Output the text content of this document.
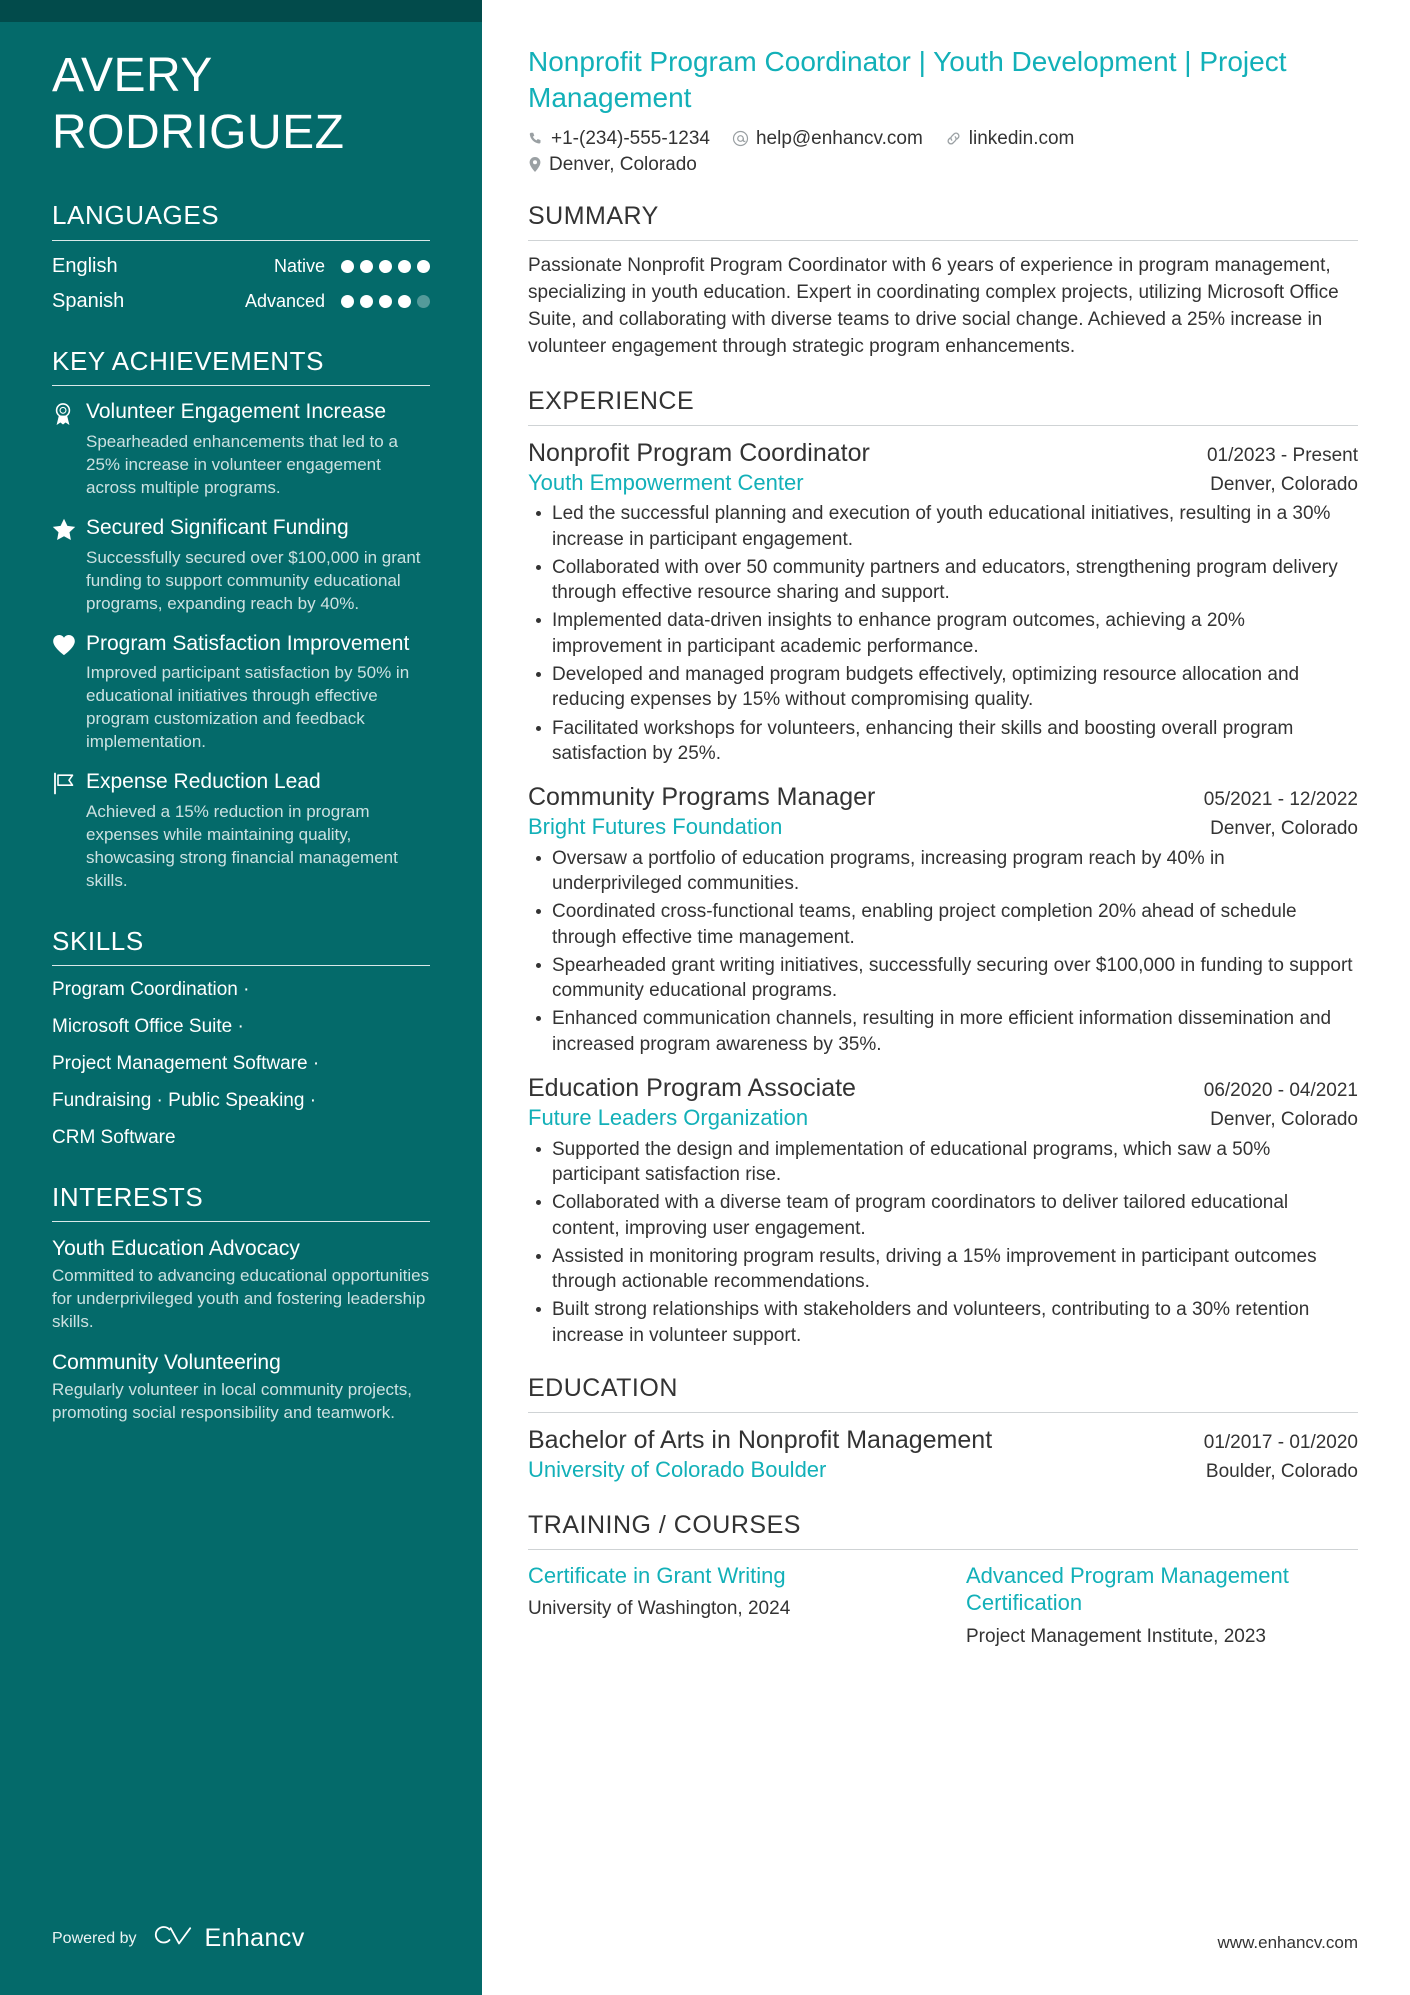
AVERY
RODRIGUEZ
LANGUAGES
English	Native
Spanish	Advanced
KEY ACHIEVEMENTS
Volunteer Engagement Increase
Spearheaded enhancements that led to a 25% increase in volunteer engagement across multiple programs.
Secured Significant Funding
Successfully secured over $100,000 in grant funding to support community educational programs, expanding reach by 40%.
Program Satisfaction Improvement
Improved participant satisfaction by 50% in educational initiatives through effective program customization and feedback implementation.
Expense Reduction Lead
Achieved a 15% reduction in program expenses while maintaining quality, showcasing strong financial management skills.
SKILLS
Program Coordination ·
Microsoft Office Suite ·
Project Management Software ·
Fundraising · Public Speaking ·
CRM Software
INTERESTS
Youth Education Advocacy
Committed to advancing educational opportunities for underprivileged youth and fostering leadership skills.
Community Volunteering
Regularly volunteer in local community projects, promoting social responsibility and teamwork.
Powered by	Enhancv
Nonprofit Program Coordinator | Youth Development | Project Management
+1-(234)-555-1234 help@enhancv.com linkedin.com
Denver, Colorado
SUMMARY

Passionate Nonprofit Program Coordinator with 6 years of experience in program management, specializing in youth education. Expert in coordinating complex projects, utilizing Microsoft Office Suite, and collaborating with diverse teams to drive social change. Achieved a 25% increase in volunteer engagement through strategic program enhancements.

EXPERIENCE
Nonprofit Program Coordinator	01/2023 - Present
Youth Empowerment Center	Denver, Colorado
Led the successful planning and execution of youth educational initiatives, resulting in a 30% increase in participant engagement.
Collaborated with over 50 community partners and educators, strengthening program delivery through effective resource sharing and support.
Implemented data-driven insights to enhance program outcomes, achieving a 20% improvement in participant academic performance.
Developed and managed program budgets effectively, optimizing resource allocation and reducing expenses by 15% without compromising quality.
Facilitated workshops for volunteers, enhancing their skills and boosting overall program satisfaction by 25%.
Community Programs Manager	05/2021 - 12/2022
Bright Futures Foundation	Denver, Colorado
Oversaw a portfolio of education programs, increasing program reach by 40% in underprivileged communities.
Coordinated cross-functional teams, enabling project completion 20% ahead of schedule through effective time management.
Spearheaded grant writing initiatives, successfully securing over $100,000 in funding to support community educational programs.
Enhanced communication channels, resulting in more efficient information dissemination and increased program awareness by 35%.
Education Program Associate	06/2020 - 04/2021
Future Leaders Organization	Denver, Colorado
Supported the design and implementation of educational programs, which saw a 50% participant satisfaction rise.
Collaborated with a diverse team of program coordinators to deliver tailored educational content, improving user engagement.
Assisted in monitoring program results, driving a 15% improvement in participant outcomes through actionable recommendations.
Built strong relationships with stakeholders and volunteers, contributing to a 30% retention increase in volunteer support.
EDUCATION
Bachelor of Arts in Nonprofit Management	01/2017 - 01/2020
University of Colorado Boulder	Boulder, Colorado
TRAINING / COURSES
Certificate in Grant Writing
University of Washington, 2024
Advanced Program Management Certification
Project Management Institute, 2023
www.enhancv.com
